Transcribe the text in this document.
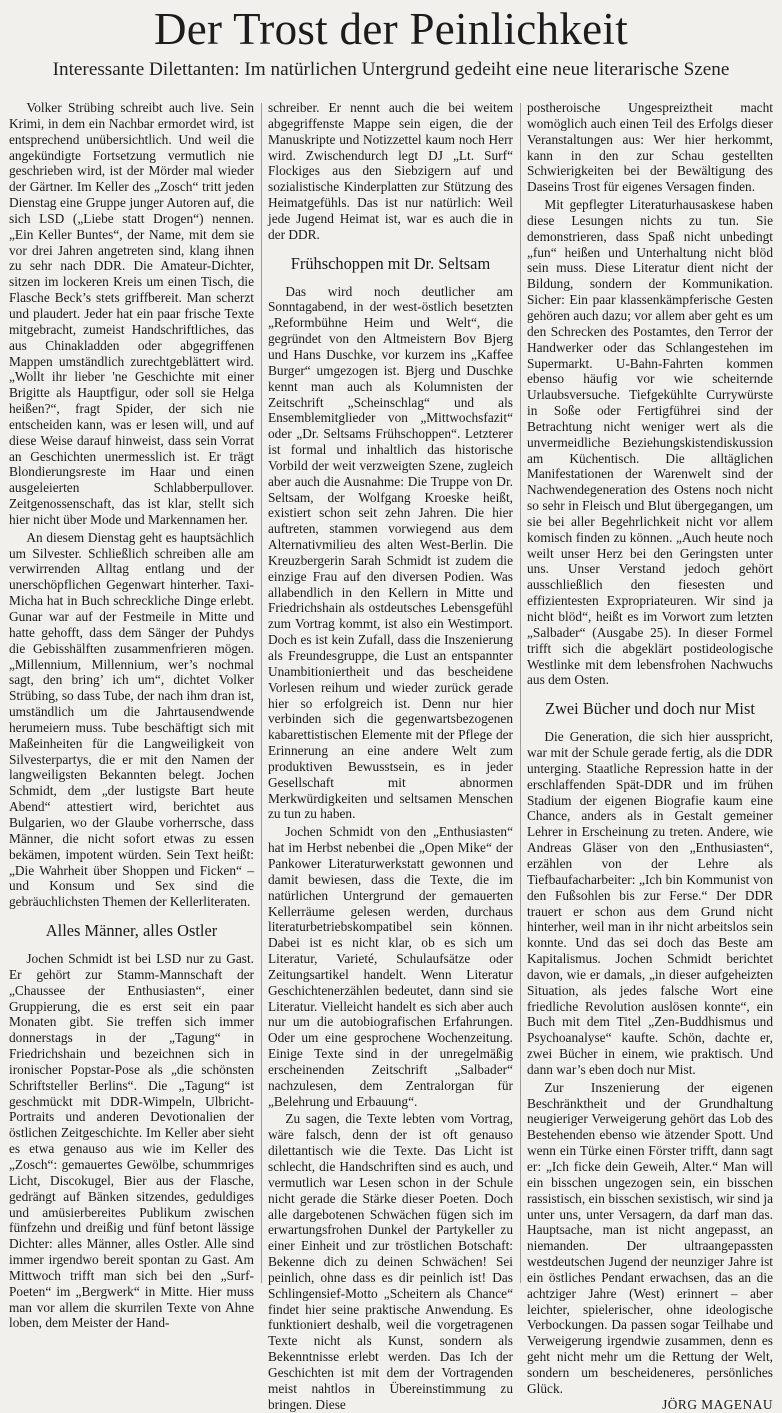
Der Trost der Peinlichkeit
Interessante Dilettanten: Im natürlichen Untergrund gedeiht eine neue literarische Szene

Volker Strübing schreibt auch live. Sein Krimi, in dem ein Nachbar ermordet wird, ist entsprechend unübersichtlich. Und weil die angekündigte Fortsetzung vermutlich nie geschrieben wird, ist der Mörder mal wieder der Gärtner. Im Keller des „Zosch“ tritt jeden Dienstag eine Gruppe junger Autoren auf, die sich LSD („Liebe statt Drogen“) nennen. „Ein Keller Buntes“, der Name, mit dem sie vor drei Jahren angetreten sind, klang ihnen zu sehr nach DDR. Die Amateur-Dichter, sitzen im lockeren Kreis um einen Tisch, die Flasche Beck’s stets griffbereit. Man scherzt und plaudert. Jeder hat ein paar frische Texte mitgebracht, zumeist Handschriftliches, das aus Chinakladden oder abgegriffenen Mappen umständlich zurechtgeblättert wird. „Wollt ihr lieber 'ne Geschichte mit einer Brigitte als Hauptfigur, oder soll sie Helga heißen?“, fragt Spider, der sich nie entscheiden kann, was er lesen will, und auf diese Weise darauf hinweist, dass sein Vorrat an Geschichten unermesslich ist. Er trägt Blondierungsreste im Haar und einen ausgeleierten Schlabberpullover. Zeitgenossenschaft, das ist klar, stellt sich hier nicht über Mode und Markennamen her.

An diesem Dienstag geht es hauptsächlich um Silvester. Schließlich schreiben alle am verwirrenden Alltag entlang und der unerschöpflichen Gegenwart hinterher. Taxi-Micha hat in Buch schreckliche Dinge erlebt. Gunar war auf der Festmeile in Mitte und hatte gehofft, dass dem Sänger der Puhdys die Gebisshälften zusammenfrieren mögen. „Millennium, Millennium, wer’s nochmal sagt, den bring’ ich um“, dichtet Volker Strübing, so dass Tube, der nach ihm dran ist, umständlich um die Jahrtausendwende herumeiern muss. Tube beschäftigt sich mit Maßeinheiten für die Langweiligkeit von Silvesterpartys, die er mit den Namen der langweiligsten Bekannten belegt. Jochen Schmidt, dem „der lustigste Bart heute Abend“ attestiert wird, berichtet aus Bulgarien, wo der Glaube vorherrsche, dass Männer, die nicht sofort etwas zu essen bekämen, impotent würden. Sein Text heißt: „Die Wahrheit über Shoppen und Ficken“ – und Konsum und Sex sind die gebräuchlichsten Themen der Kellerliteraten.

Alles Männer, alles Ostler

Jochen Schmidt ist bei LSD nur zu Gast. Er gehört zur Stamm-Mannschaft der „Chaussee der Enthusiasten“, einer Gruppierung, die es erst seit ein paar Monaten gibt. Sie treffen sich immer donnerstags in der „Tagung“ in Friedrichshain und bezeichnen sich in ironischer Popstar-Pose als „die schönsten Schriftsteller Berlins“. Die „Tagung“ ist geschmückt mit DDR-Wimpeln, Ulbricht-Portraits und anderen Devotionalien der östlichen Zeitgeschichte. Im Keller aber sieht es etwa genauso aus wie im Keller des „Zosch“: gemauertes Gewölbe, schummriges Licht, Discokugel, Bier aus der Flasche, gedrängt auf Bänken sitzendes, geduldiges und amüsierbereites Publikum zwischen fünfzehn und dreißig und fünf betont lässige Dichter: alles Männer, alles Ostler. Alle sind immer irgendwo bereit spontan zu Gast. Am Mittwoch trifft man sich bei den „Surf-Poeten“ im „Bergwerk“ in Mitte. Hier muss man vor allem die skurrilen Texte von Ahne loben, dem Meister der Hand-

schreiber. Er nennt auch die bei weitem abgegriffenste Mappe sein eigen, die der Manuskripte und Notizzettel kaum noch Herr wird. Zwischendurch legt DJ „Lt. Surf“ Flockiges aus den Siebzigern auf und sozialistische Kinderplatten zur Stützung des Heimatgefühls. Das ist nur natürlich: Weil jede Jugend Heimat ist, war es auch die in der DDR.

Frühschoppen mit Dr. Seltsam

Das wird noch deutlicher am Sonntagabend, in der west-östlich besetzten „Reformbühne Heim und Welt“, die gegründet von den Altmeistern Bov Bjerg und Hans Duschke, vor kurzem ins „Kaffee Burger“ umgezogen ist. Bjerg und Duschke kennt man auch als Kolumnisten der Zeitschrift „Scheinschlag“ und als Ensemblemitglieder von „Mittwochsfazit“ oder „Dr. Seltsams Frühschoppen“. Letzterer ist formal und inhaltlich das historische Vorbild der weit verzweigten Szene, zugleich aber auch die Ausnahme: Die Truppe von Dr. Seltsam, der Wolfgang Kroeske heißt, existiert schon seit zehn Jahren. Die hier auftreten, stammen vorwiegend aus dem Alternativmilieu des alten West-Berlin. Die Kreuzbergerin Sarah Schmidt ist zudem die einzige Frau auf den diversen Podien. Was allabendlich in den Kellern in Mitte und Friedrichshain als ostdeutsches Lebensgefühl zum Vortrag kommt, ist also ein Westimport. Doch es ist kein Zufall, dass die Inszenierung als Freundesgruppe, die Lust an entspannter Unambitioniertheit und das bescheidene Vorlesen reihum und wieder zurück gerade hier so erfolgreich ist. Denn nur hier verbinden sich die gegenwartsbezogenen kabarettistischen Elemente mit der Pflege der Erinnerung an eine andere Welt zum produktiven Bewusstsein, es in jeder Gesellschaft mit abnormen Merkwürdigkeiten und seltsamen Menschen zu tun zu haben.

Jochen Schmidt von den „Enthusiasten“ hat im Herbst nebenbei die „Open Mike“ der Pankower Literaturwerkstatt gewonnen und damit bewiesen, dass die Texte, die im natürlichen Untergrund der gemauerten Kellerräume gelesen werden, durchaus literaturbetriebskompatibel sein können. Dabei ist es nicht klar, ob es sich um Literatur, Varieté, Schulaufsätze oder Zeitungsartikel handelt. Wenn Literatur Geschichtenerzählen bedeutet, dann sind sie Literatur. Vielleicht handelt es sich aber auch nur um die autobiografischen Erfahrungen. Oder um eine gesprochene Wochenzeitung. Einige Texte sind in der unregelmäßig erscheinenden Zeitschrift „Salbader“ nachzulesen, dem Zentralorgan für „Belehrung und Erbauung“.

Zu sagen, die Texte lebten vom Vortrag, wäre falsch, denn der ist oft genauso dilettantisch wie die Texte. Das Licht ist schlecht, die Handschriften sind es auch, und vermutlich war Lesen schon in der Schule nicht gerade die Stärke dieser Poeten. Doch alle dargebotenen Schwächen fügen sich im erwartungsfrohen Dunkel der Partykeller zu einer Einheit und zur tröstlichen Botschaft: Bekenne dich zu deinen Schwächen! Sei peinlich, ohne dass es dir peinlich ist! Das Schlingensief-Motto „Scheitern als Chance“ findet hier seine praktische Anwendung. Es funktioniert deshalb, weil die vorgetragenen Texte nicht als Kunst, sondern als Bekenntnisse erlebt werden. Das Ich der Geschichten ist mit dem der Vortragenden meist nahtlos in Übereinstimmung zu bringen. Diese

postheroische Ungespreiztheit macht womöglich auch einen Teil des Erfolgs dieser Veranstaltungen aus: Wer hier herkommt, kann in den zur Schau gestellten Schwierigkeiten bei der Bewältigung des Daseins Trost für eigenes Versagen finden.

Mit gepflegter Literaturhausaskese haben diese Lesungen nichts zu tun. Sie demonstrieren, dass Spaß nicht unbedingt „fun“ heißen und Unterhaltung nicht blöd sein muss. Diese Literatur dient nicht der Bildung, sondern der Kommunikation. Sicher: Ein paar klassenkämpferische Gesten gehören auch dazu; vor allem aber geht es um den Schrecken des Postamtes, den Terror der Handwerker oder das Schlangestehen im Supermarkt. U-Bahn-Fahrten kommen ebenso häufig vor wie scheiternde Urlaubsversuche. Tiefgekühlte Currywürste in Soße oder Fertigführei sind der Betrachtung nicht weniger wert als die unvermeidliche Beziehungskistendiskussion am Küchentisch. Die alltäglichen Manifestationen der Warenwelt sind der Nachwendegeneration des Ostens noch nicht so sehr in Fleisch und Blut übergegangen, um sie bei aller Begehrlichkeit nicht vor allem komisch finden zu können. „Auch heute noch weilt unser Herz bei den Geringsten unter uns. Unser Verstand jedoch gehört ausschließlich den fiesesten und effizientesten Expropriateuren. Wir sind ja nicht blöd“, heißt es im Vorwort zum letzten „Salbader“ (Ausgabe 25). In dieser Formel trifft sich die abgeklärt postideologische Westlinke mit dem lebensfrohen Nachwuchs aus dem Osten.

Zwei Bücher und doch nur Mist

Die Generation, die sich hier ausspricht, war mit der Schule gerade fertig, als die DDR unterging. Staatliche Repression hatte in der erschlaffenden Spät-DDR und im frühen Stadium der eigenen Biografie kaum eine Chance, anders als in Gestalt gemeiner Lehrer in Erscheinung zu treten. Andere, wie Andreas Gläser von den „Enthusiasten“, erzählen von der Lehre als Tiefbaufacharbeiter: „Ich bin Kommunist von den Fußsohlen bis zur Ferse.“ Der DDR trauert er schon aus dem Grund nicht hinterher, weil man in ihr nicht arbeitslos sein konnte. Und das sei doch das Beste am Kapitalismus. Jochen Schmidt berichtet davon, wie er damals, „in dieser aufgeheizten Situation, als jedes falsche Wort eine friedliche Revolution auslösen konnte“, ein Buch mit dem Titel „Zen-Buddhismus und Psychoanalyse“ kaufte. Schön, dachte er, zwei Bücher in einem, wie praktisch. Und dann war’s eben doch nur Mist.

Zur Inszenierung der eigenen Beschränktheit und der Grundhaltung neugieriger Verweigerung gehört das Lob des Bestehenden ebenso wie ätzender Spott. Und wenn ein Türke einen Förster trifft, dann sagt er: „Ich ficke dein Geweih, Alter.“ Man will ein bisschen ungezogen sein, ein bisschen rassistisch, ein bisschen sexistisch, wir sind ja unter uns, unter Versagern, da darf man das. Hauptsache, man ist nicht angepasst, an niemanden. Der ultraangepassten westdeutschen Jugend der neunziger Jahre ist ein östliches Pendant erwachsen, das an die achtziger Jahre (West) erinnert – aber leichter, spielerischer, ohne ideologische Verbockungen. Da passen sogar Teilhabe und Verweigerung irgendwie zusammen, denn es geht nicht mehr um die Rettung der Welt, sondern um bescheideneres, persönliches Glück.

JÖRG MAGENAU
